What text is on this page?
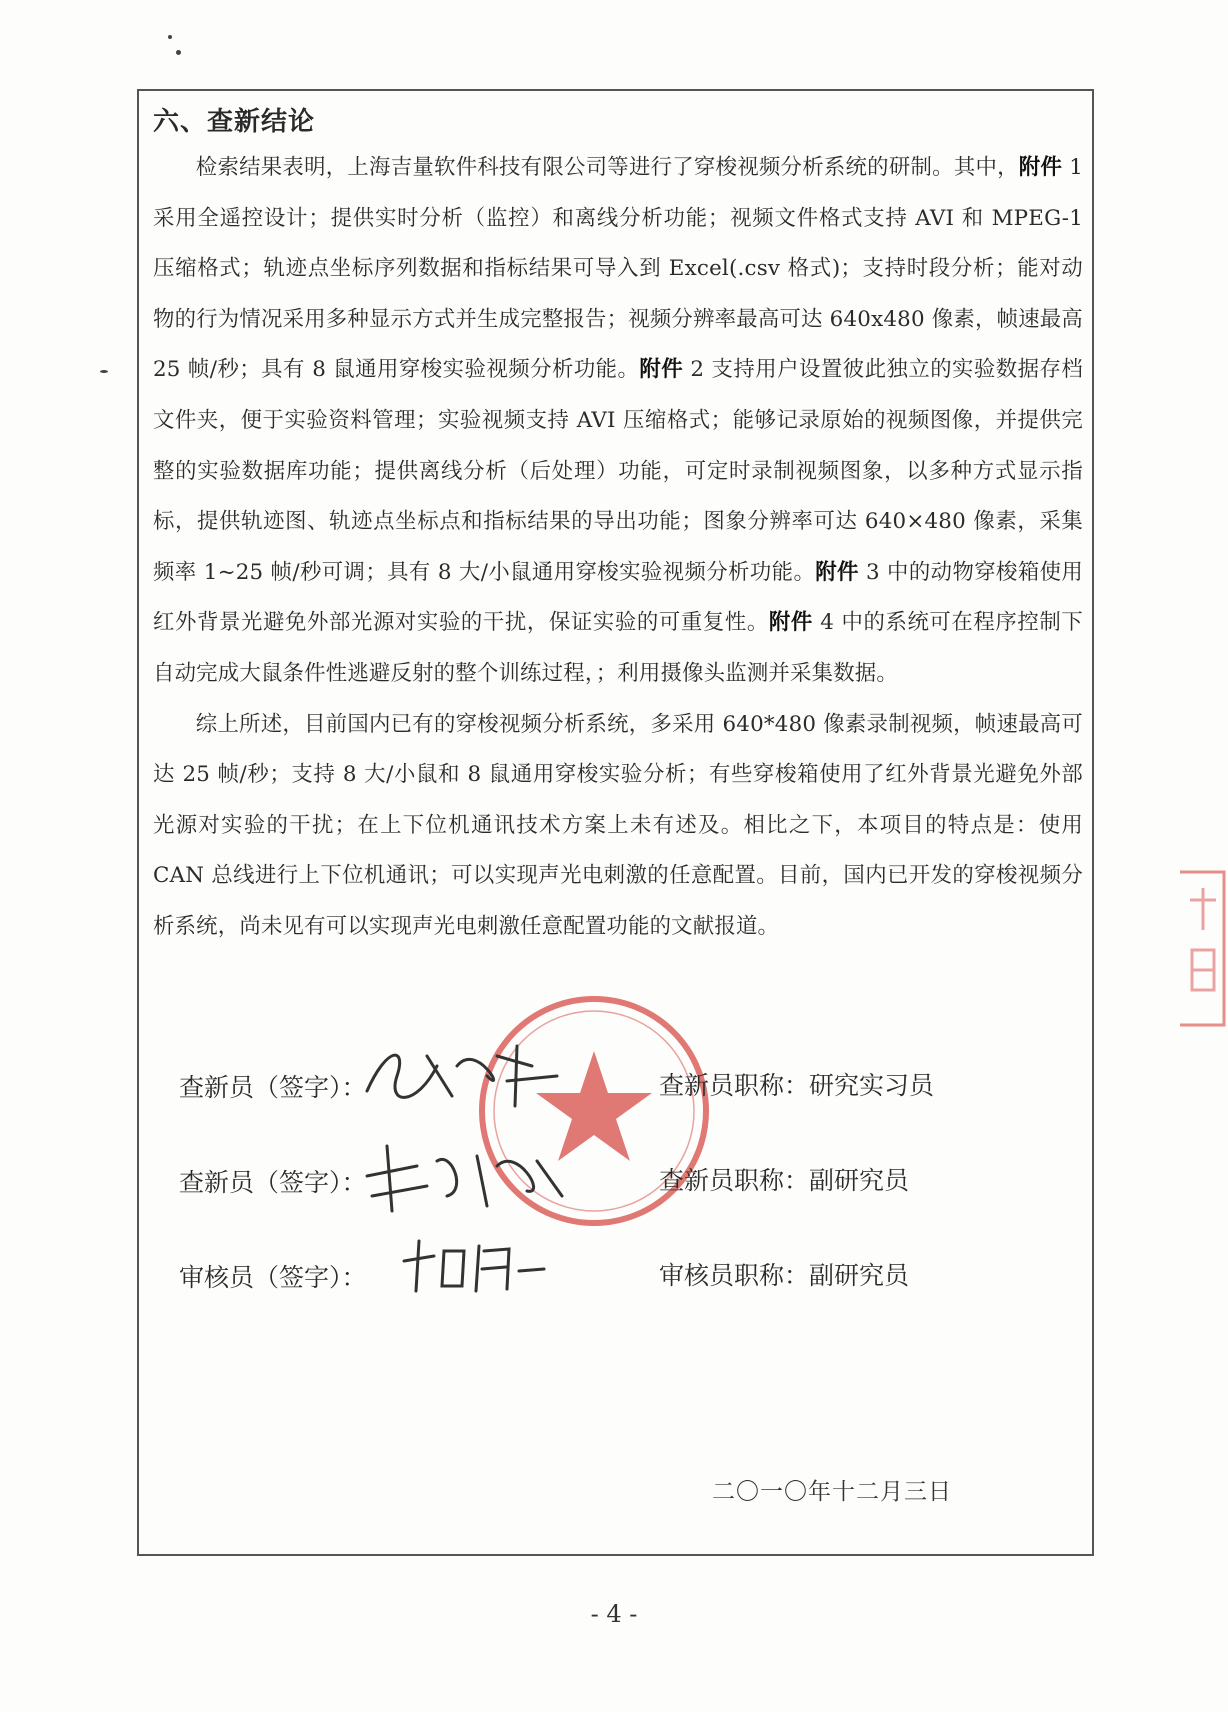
六、查新结论

检索结果表明，上海吉量软件科技有限公司等进行了穿梭视频分析系统的研制。其中，附件 1 采用全遥控设计；提供实时分析（监控）和离线分析功能；视频文件格式支持 AVI 和 MPEG-1 压缩格式；轨迹点坐标序列数据和指标结果可导入到 Excel(.csv 格式)；支持时段分析；能对动物的行为情况采用多种显示方式并生成完整报告；视频分辨率最高可达 640x480 像素，帧速最高 25 帧/秒；具有 8 鼠通用穿梭实验视频分析功能。附件 2 支持用户设置彼此独立的实验数据存档文件夹，便于实验资料管理；实验视频支持 AVI 压缩格式；能够记录原始的视频图像，并提供完整的实验数据库功能；提供离线分析（后处理）功能，可定时录制视频图象，以多种方式显示指标，提供轨迹图、轨迹点坐标点和指标结果的导出功能；图象分辨率可达 640×480 像素，采集频率 1~25 帧/秒可调；具有 8 大/小鼠通用穿梭实验视频分析功能。附件 3 中的动物穿梭箱使用红外背景光避免外部光源对实验的干扰，保证实验的可重复性。附件 4 中的系统可在程序控制下自动完成大鼠条件性逃避反射的整个训练过程，；利用摄像头监测并采集数据。

综上所述，目前国内已有的穿梭视频分析系统，多采用 640*480 像素录制视频，帧速最高可达 25 帧/秒；支持 8 大/小鼠和 8 鼠通用穿梭实验分析；有些穿梭箱使用了红外背景光避免外部光源对实验的干扰；在上下位机通讯技术方案上未有述及。相比之下，本项目的特点是：使用 CAN 总线进行上下位机通讯；可以实现声光电刺激的任意配置。目前，国内已开发的穿梭视频分析系统，尚未见有可以实现声光电刺激任意配置功能的文献报道。

查新员（签字）：	查新员职称：研究实习员
查新员（签字）：	查新员职称：副研究员
审核员（签字）：	审核员职称：副研究员
二〇一〇年十二月三日
- 4 -
